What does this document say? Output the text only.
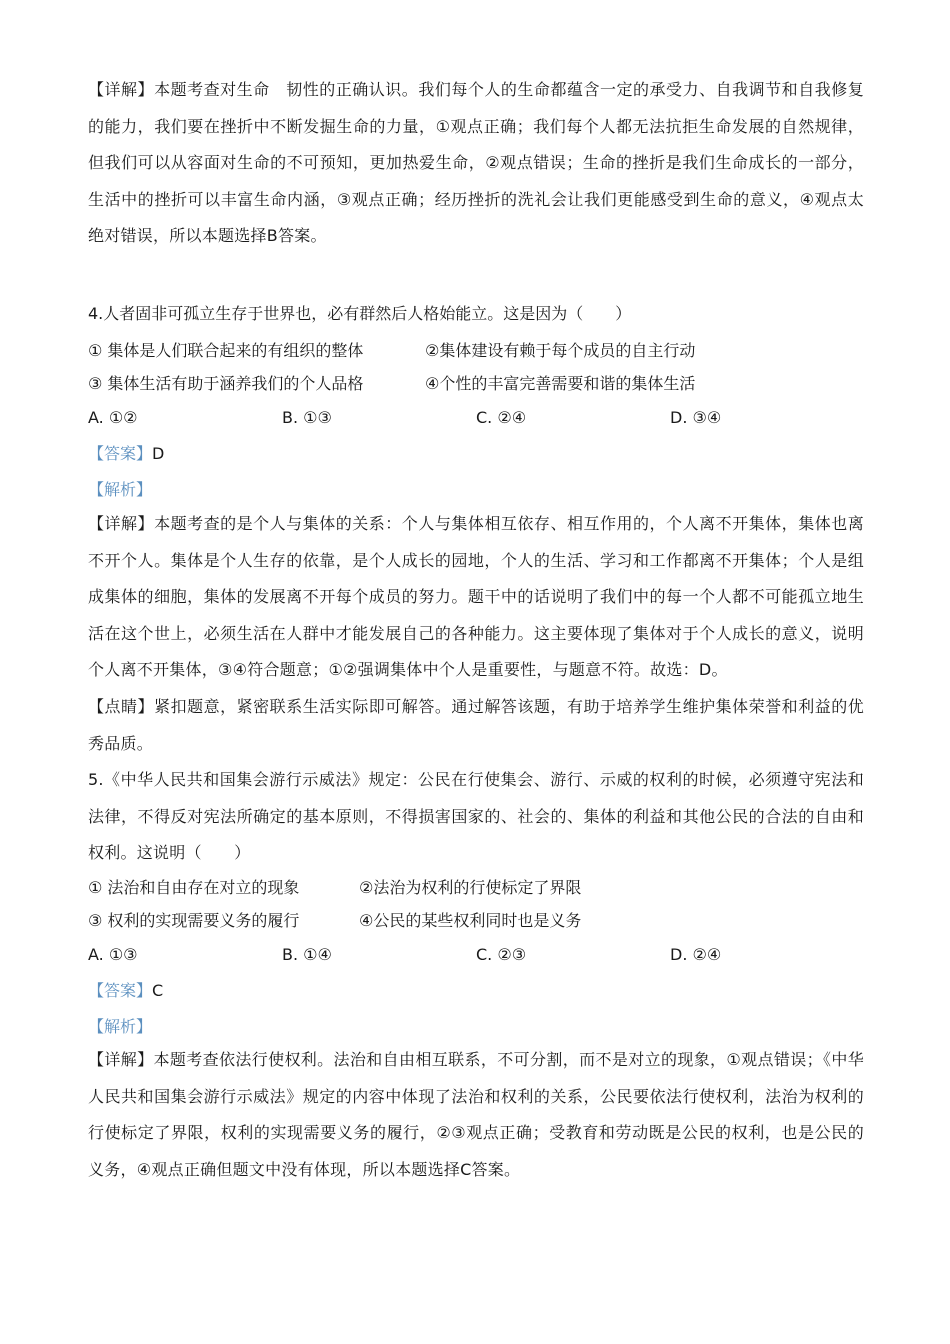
【详解】本题考查对生命　韧性的正确认识。我们每个人的生命都蕴含一定的承受力、自我调节和自我修复的能力，我们要在挫折中不断发掘生命的力量，①观点正确；我们每个人都无法抗拒生命发展的自然规律，但我们可以从容面对生命的不可预知，更加热爱生命，②观点错误；生命的挫折是我们生命成长的一部分，生活中的挫折可以丰富生命内涵，③观点正确；经历挫折的洗礼会让我们更能感受到生命的意义，④观点太绝对错误，所以本题选择B答案。
4.人者固非可孤立生存于世界也，必有群然后人格始能立。这是因为（　　）
① 集体是人们联合起来的有组织的整体	②集体建设有赖于每个成员的自主行动
③ 集体生活有助于涵养我们的个人品格	④个性的丰富完善需要和谐的集体生活
A. ①②	B. ①③	C. ②④	D. ③④
【答案】D
【解析】
【详解】本题考查的是个人与集体的关系：个人与集体相互依存、相互作用的，个人离不开集体，集体也离不开个人。集体是个人生存的依靠，是个人成长的园地，个人的生活、学习和工作都离不开集体；个人是组成集体的细胞，集体的发展离不开每个成员的努力。题干中的话说明了我们中的每一个人都不可能孤立地生活在这个世上，必须生活在人群中才能发展自己的各种能力。这主要体现了集体对于个人成长的意义，说明个人离不开集体，③④符合题意；①②强调集体中个人是重要性，与题意不符。故选：D。
【点睛】紧扣题意，紧密联系生活实际即可解答。通过解答该题，有助于培养学生维护集体荣誉和利益的优秀品质。
5.《中华人民共和国集会游行示威法》规定：公民在行使集会、游行、示威的权利的时候，必须遵守宪法和法律，不得反对宪法所确定的基本原则，不得损害国家的、社会的、集体的利益和其他公民的合法的自由和权利。这说明（　　）
① 法治和自由存在对立的现象	②法治为权利的行使标定了界限
③ 权利的实现需要义务的履行	④公民的某些权利同时也是义务
A. ①③	B. ①④	C. ②③	D. ②④
【答案】C
【解析】
【详解】本题考查依法行使权利。法治和自由相互联系，不可分割，而不是对立的现象，①观点错误；《中华人民共和国集会游行示威法》规定的内容中体现了法治和权利的关系，公民要依法行使权利，法治为权利的行使标定了界限，权利的实现需要义务的履行，②③观点正确；受教育和劳动既是公民的权利，也是公民的义务，④观点正确但题文中没有体现，所以本题选择C答案。
